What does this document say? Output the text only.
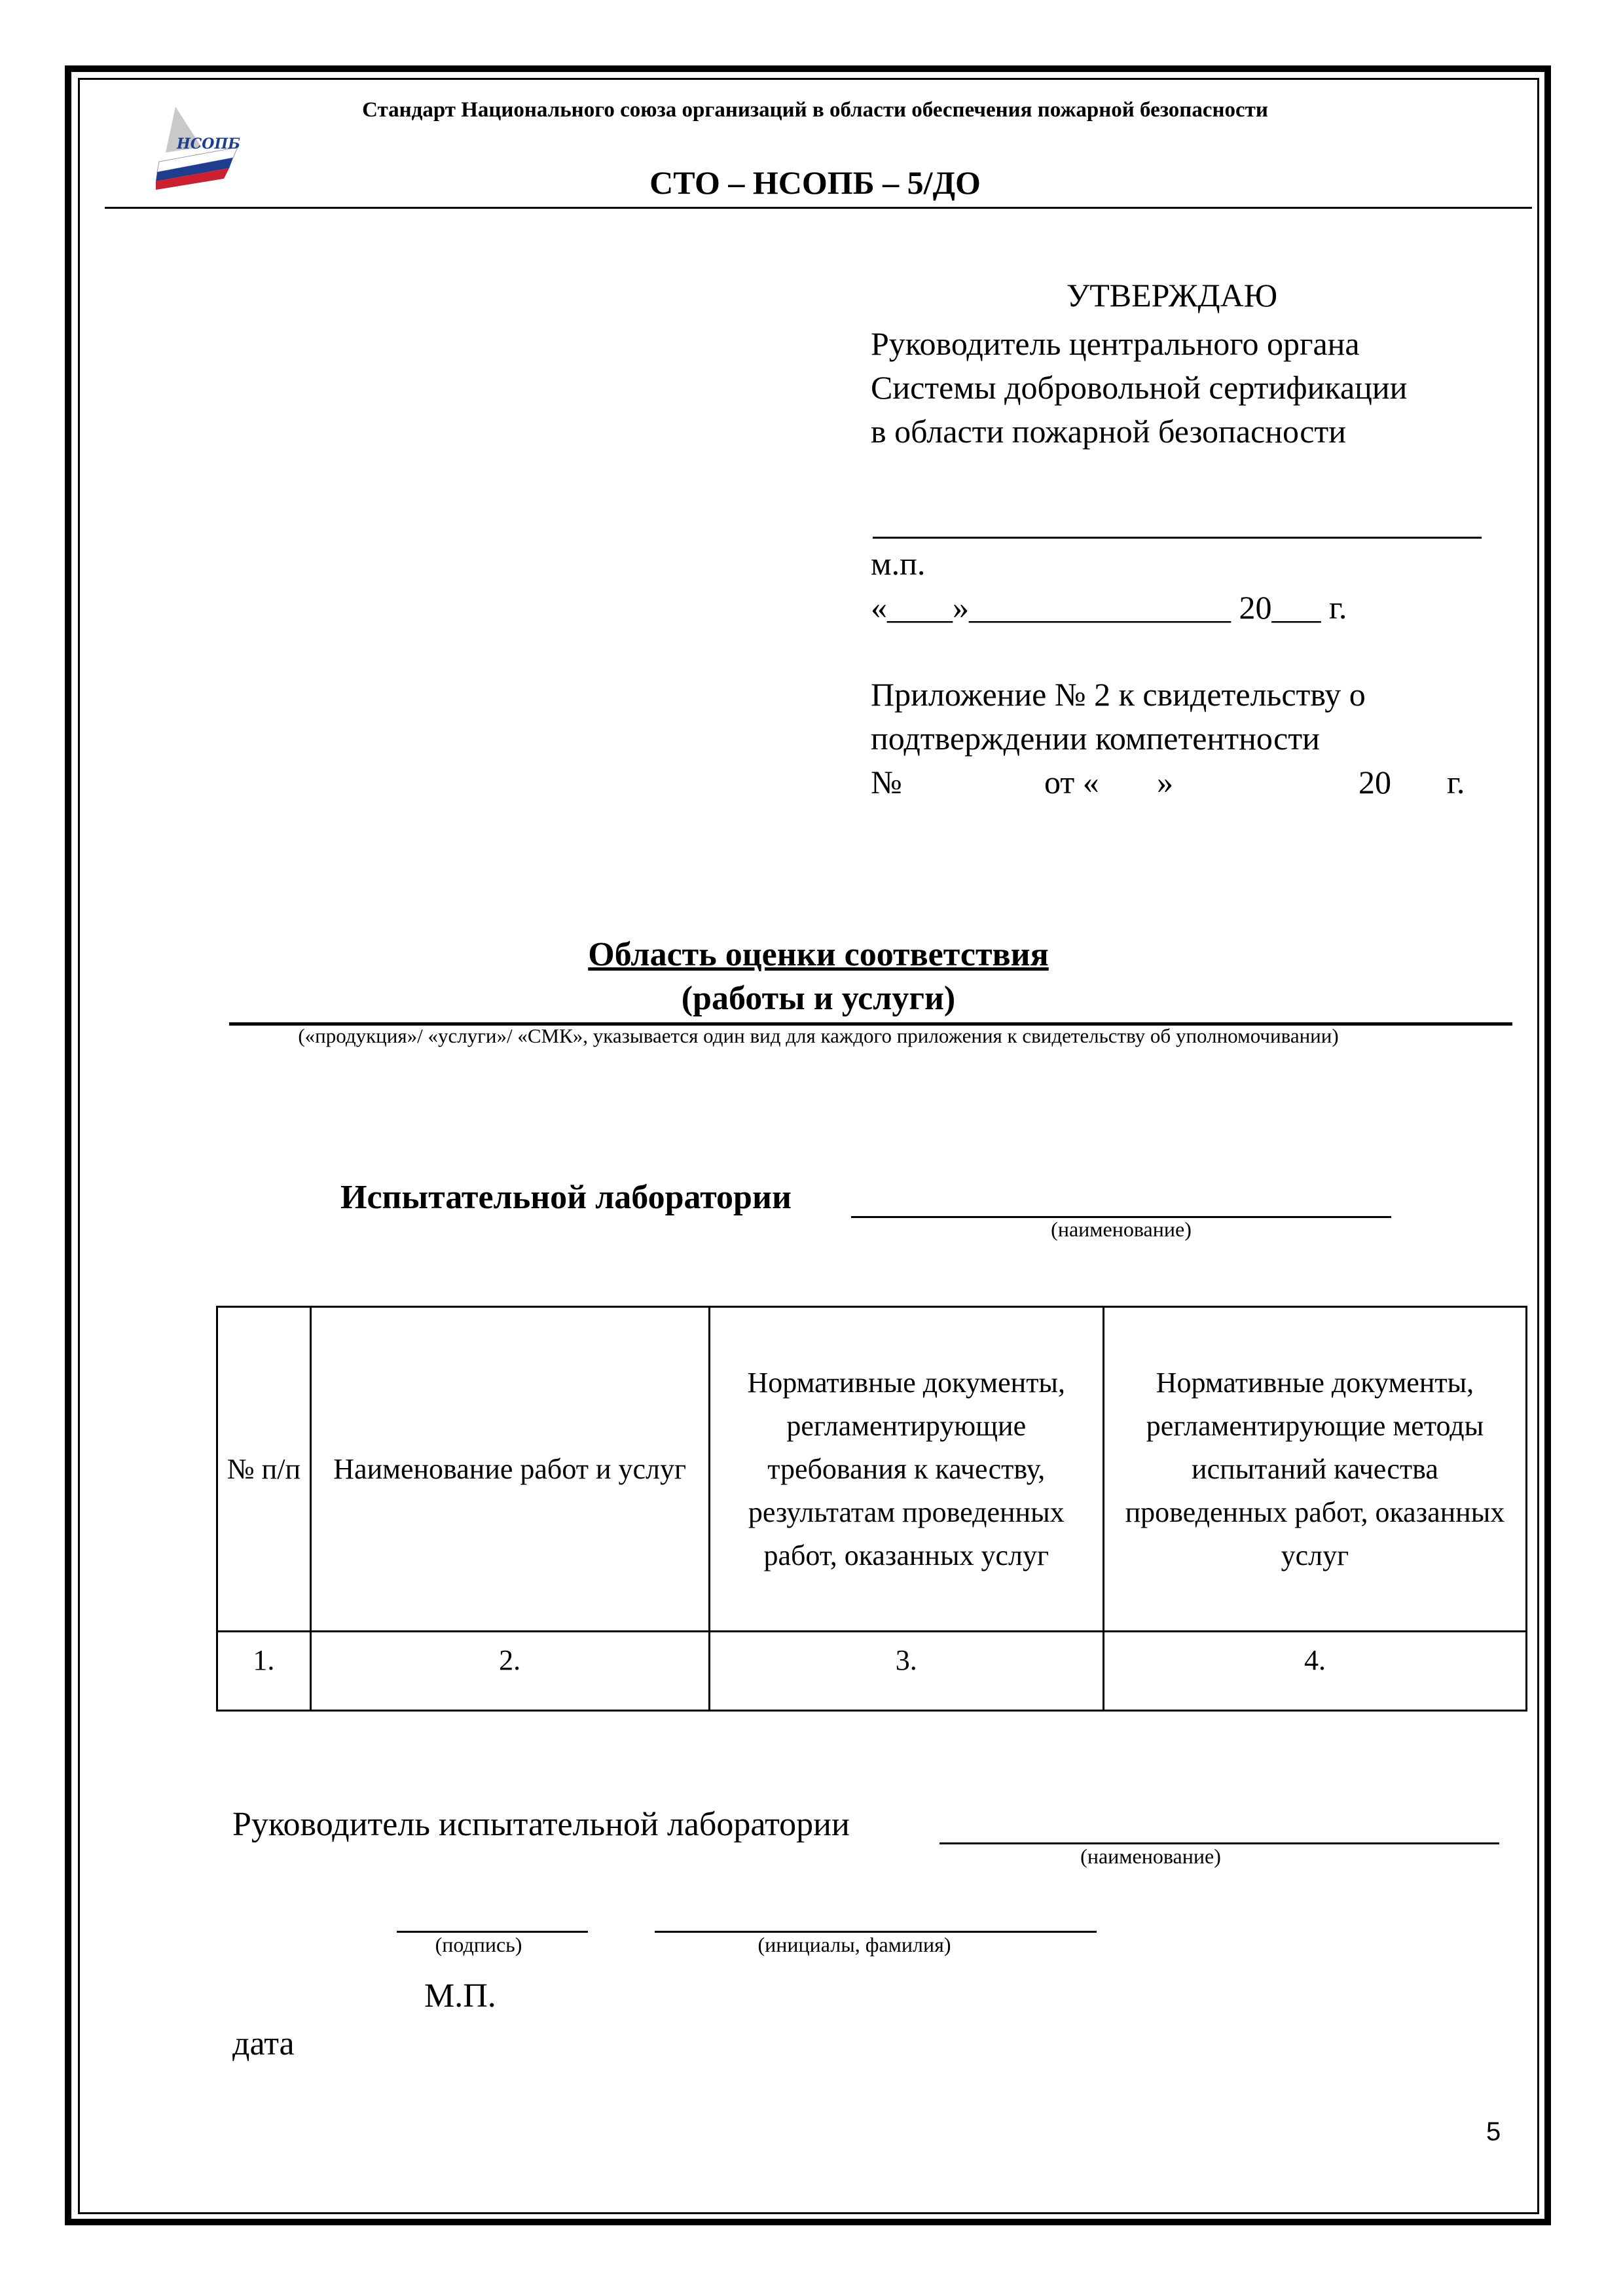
НСОПБ
Стандарт Национального союза организаций в области обеспечения пожарной безопасности
СТО – НСОПБ – 5/ДО
УТВЕРЖДАЮ
Руководитель центрального органа
Системы добровольной сертификации
в области пожарной безопасности
м.п.
«____»________________ 20___ г.
Приложение № 2 к свидетельству о
подтверждении компетентности
№	от « »	20 г.
Область оценки соответствия
(работы и услуги)
(«продукция»/ «услуги»/ «СМК», указывается один вид для каждого приложения к свидетельству об уполномочивании)
Испытательной лаборатории
(наименование)
№ п/п	Наименование работ и услуг	Нормативные документы, регламентирующие требования к качеству, результатам проведенных работ, оказанных услуг	Нормативные документы, регламентирующие методы испытаний качества проведенных работ, оказанных услуг
1.	2.	3.	4.
Руководитель испытательной лаборатории
(наименование)
(подпись)	(инициалы, фамилия)
М.П.
дата
5
